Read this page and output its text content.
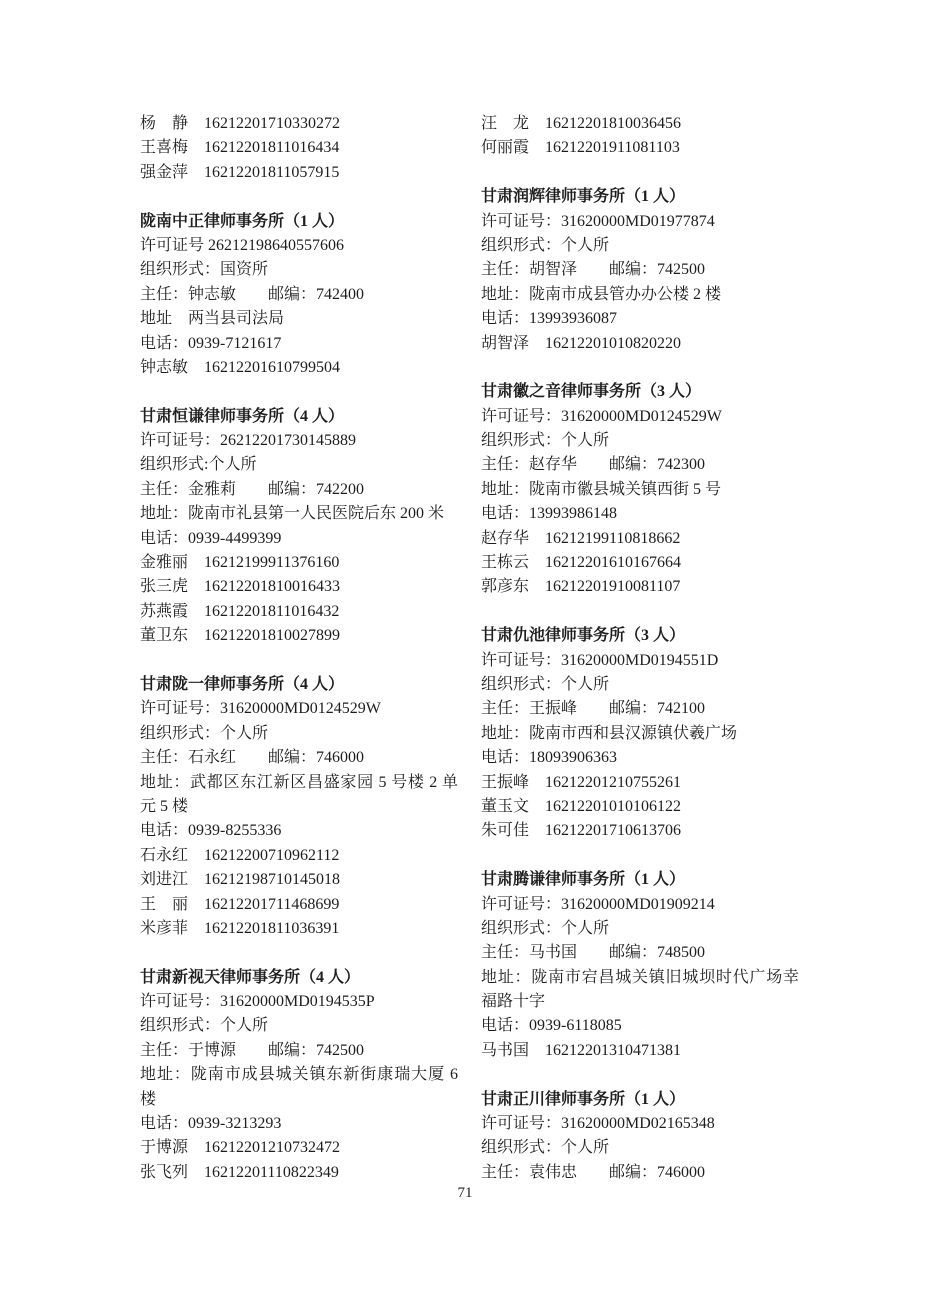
杨　静 16212201710330272
王喜梅 16212201811016434
强金萍 16212201811057915
陇南中正律师事务所（1 人）
许可证号 26212198640557606
组织形式：国资所
主任：钟志敏　　邮编：742400
地址　两当县司法局
电话：0939-7121617
钟志敏 16212201610799504
甘肃恒谦律师事务所（4 人）
许可证号：26212201730145889
组织形式:个人所
主任：金雅莉　　邮编：742200
地址：陇南市礼县第一人民医院后东 200 米
电话：0939-4499399
金雅丽 16212199911376160
张三虎 16212201810016433
苏燕霞 16212201811016432
董卫东 16212201810027899
甘肃陇一律师事务所（4 人）
许可证号：31620000MD0124529W
组织形式：个人所
主任：石永红　　邮编：746000
地址：武都区东江新区昌盛家园 5 号楼 2 单
元 5 楼
电话：0939-8255336
石永红 16212200710962112
刘进江 16212198710145018
王　丽 16212201711468699
米彦菲 16212201811036391
甘肃新视天律师事务所（4 人）
许可证号：31620000MD0194535P
组织形式：个人所
主任：于博源　　邮编：742500
地址：陇南市成县城关镇东新街康瑞大厦 6
楼
电话：0939-3213293
于博源 16212201210732472
张飞列 16212201110822349
汪　龙 16212201810036456
何丽霞 16212201911081103
甘肃润辉律师事务所（1 人）
许可证号：31620000MD01977874
组织形式：个人所
主任：胡智泽　　邮编：742500
地址：陇南市成县管办办公楼 2 楼
电话：13993936087
胡智泽 16212201010820220
甘肃徽之音律师事务所（3 人）
许可证号：31620000MD0124529W
组织形式：个人所
主任：赵存华　　邮编：742300
地址：陇南市徽县城关镇西街 5 号
电话：13993986148
赵存华 16212199110818662
王栋云 16212201610167664
郭彦东 16212201910081107
甘肃仇池律师事务所（3 人）
许可证号：31620000MD0194551D
组织形式：个人所
主任：王振峰　　邮编：742100
地址：陇南市西和县汉源镇伏羲广场
电话：18093906363
王振峰 16212201210755261
董玉文 16212201010106122
朱可佳 16212201710613706
甘肃腾谦律师事务所（1 人）
许可证号：31620000MD01909214
组织形式：个人所
主任：马书国　　邮编：748500
地址：陇南市宕昌城关镇旧城坝时代广场幸
福路十字
电话：0939-6118085
马书国 16212201310471381
甘肃正川律师事务所（1 人）
许可证号：31620000MD02165348
组织形式：个人所
主任：袁伟忠　　邮编：746000
71
